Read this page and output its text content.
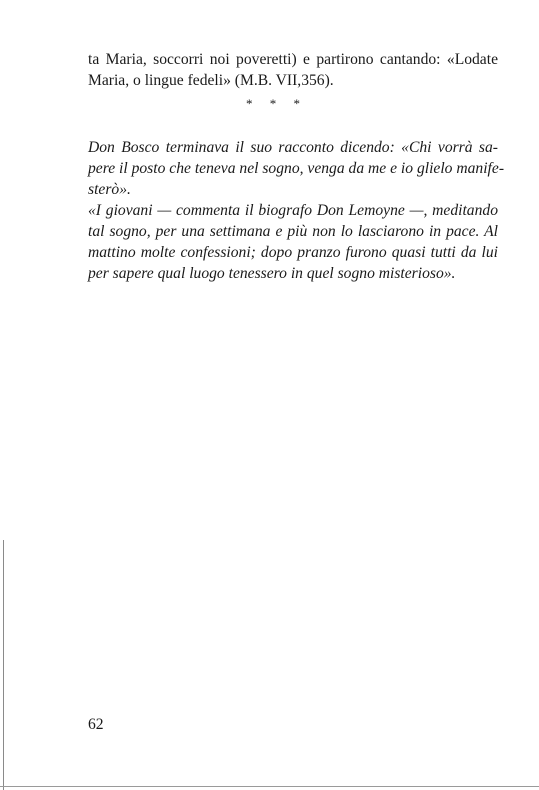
ta Maria, soccorri noi poveretti) e partirono cantando: «Lodate
Maria, o lingue fedeli» (M.B. VII,356).
* * *
Don Bosco terminava il suo racconto dicendo: «Chi vorrà sa-
pere il posto che teneva nel sogno, venga da me e io glielo manife-
sterò».
«I giovani — commenta il biografo Don Lemoyne —, meditando
tal sogno, per una settimana e più non lo lasciarono in pace. Al
mattino molte confessioni; dopo pranzo furono quasi tutti da lui
per sapere qual luogo tenessero in quel sogno misterioso».
62
